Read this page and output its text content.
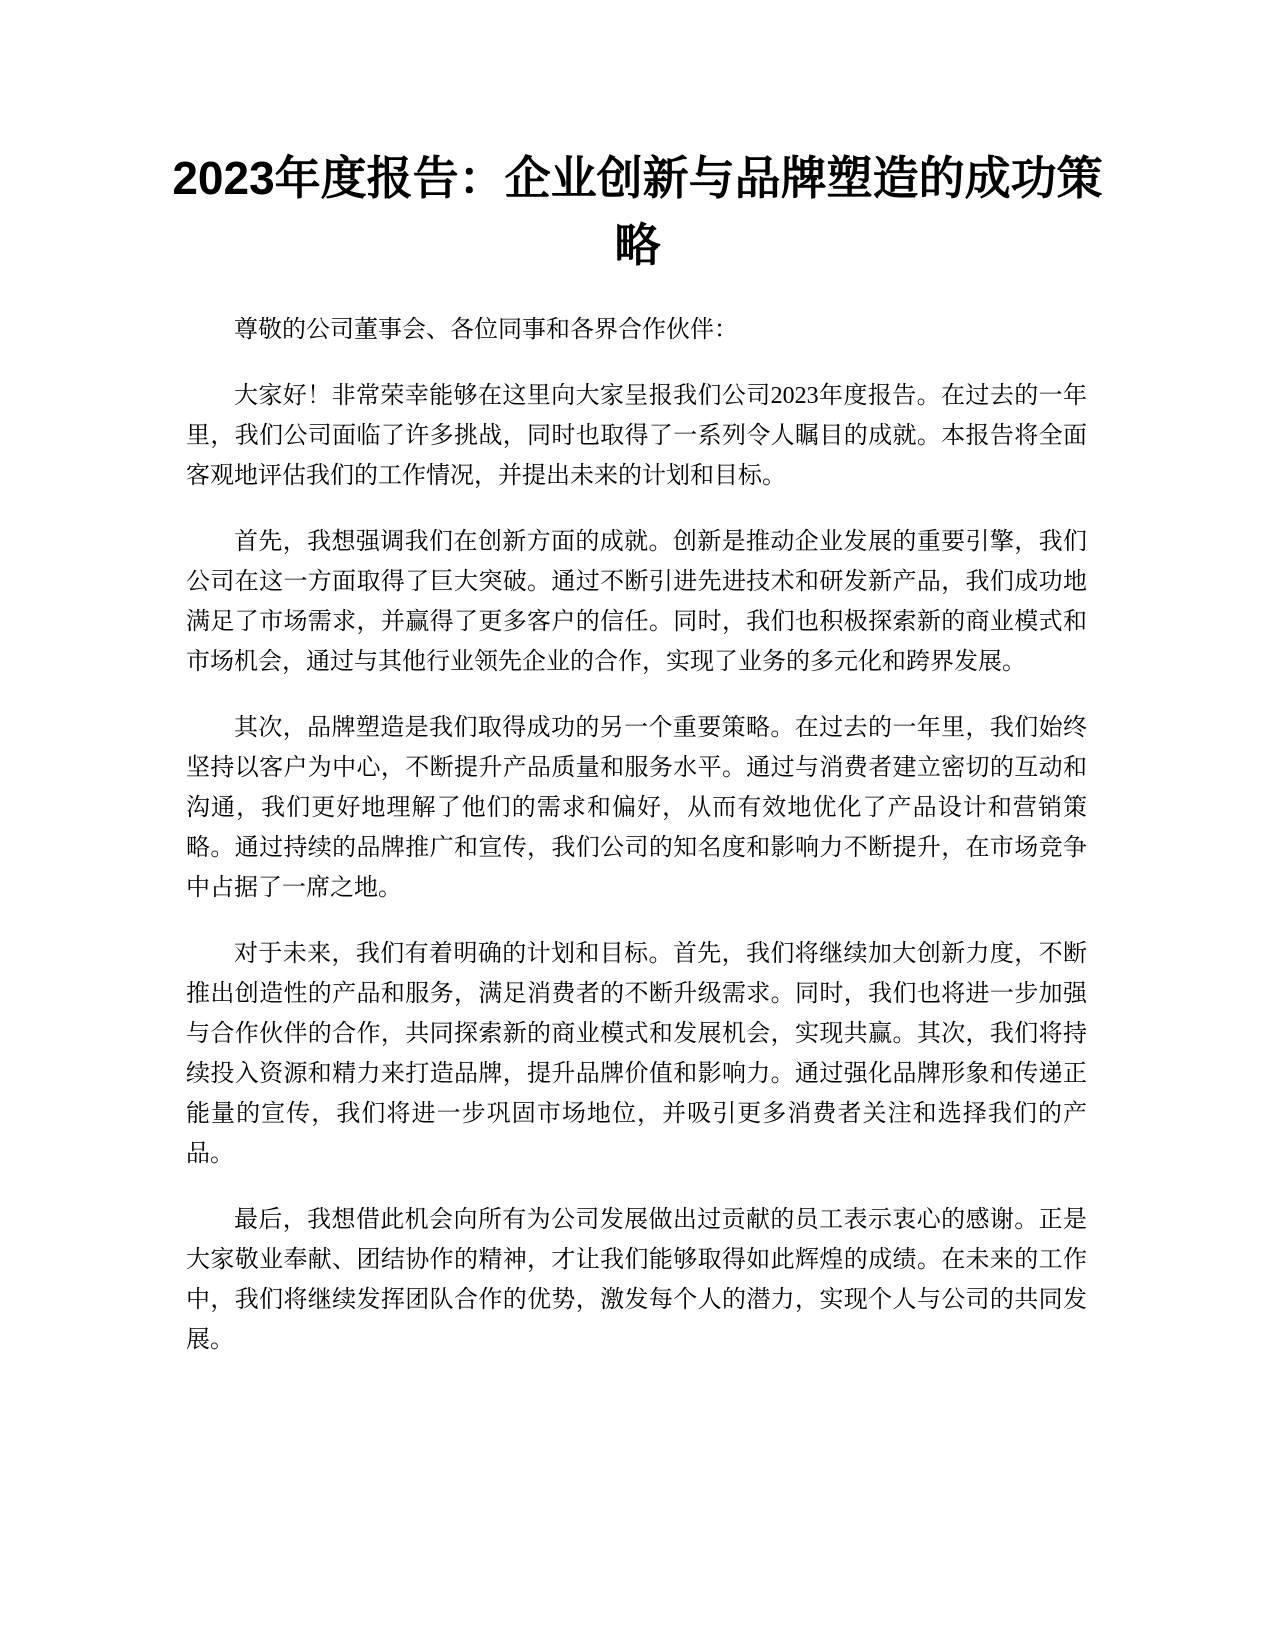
2023年度报告：企业创新与品牌塑造的成功策略

尊敬的公司董事会、各位同事和各界合作伙伴：

大家好！非常荣幸能够在这里向大家呈报我们公司2023年度报告。在过去的一年里，我们公司面临了许多挑战，同时也取得了一系列令人瞩目的成就。本报告将全面客观地评估我们的工作情况，并提出未来的计划和目标。

首先，我想强调我们在创新方面的成就。创新是推动企业发展的重要引擎，我们公司在这一方面取得了巨大突破。通过不断引进先进技术和研发新产品，我们成功地满足了市场需求，并赢得了更多客户的信任。同时，我们也积极探索新的商业模式和市场机会，通过与其他行业领先企业的合作，实现了业务的多元化和跨界发展。

其次，品牌塑造是我们取得成功的另一个重要策略。在过去的一年里，我们始终坚持以客户为中心，不断提升产品质量和服务水平。通过与消费者建立密切的互动和沟通，我们更好地理解了他们的需求和偏好，从而有效地优化了产品设计和营销策略。通过持续的品牌推广和宣传，我们公司的知名度和影响力不断提升，在市场竞争中占据了一席之地。

对于未来，我们有着明确的计划和目标。首先，我们将继续加大创新力度，不断推出创造性的产品和服务，满足消费者的不断升级需求。同时，我们也将进一步加强与合作伙伴的合作，共同探索新的商业模式和发展机会，实现共赢。其次，我们将持续投入资源和精力来打造品牌，提升品牌价值和影响力。通过强化品牌形象和传递正能量的宣传，我们将进一步巩固市场地位，并吸引更多消费者关注和选择我们的产品。

最后，我想借此机会向所有为公司发展做出过贡献的员工表示衷心的感谢。正是大家敬业奉献、团结协作的精神，才让我们能够取得如此辉煌的成绩。在未来的工作中，我们将继续发挥团队合作的优势，激发每个人的潜力，实现个人与公司的共同发展。
